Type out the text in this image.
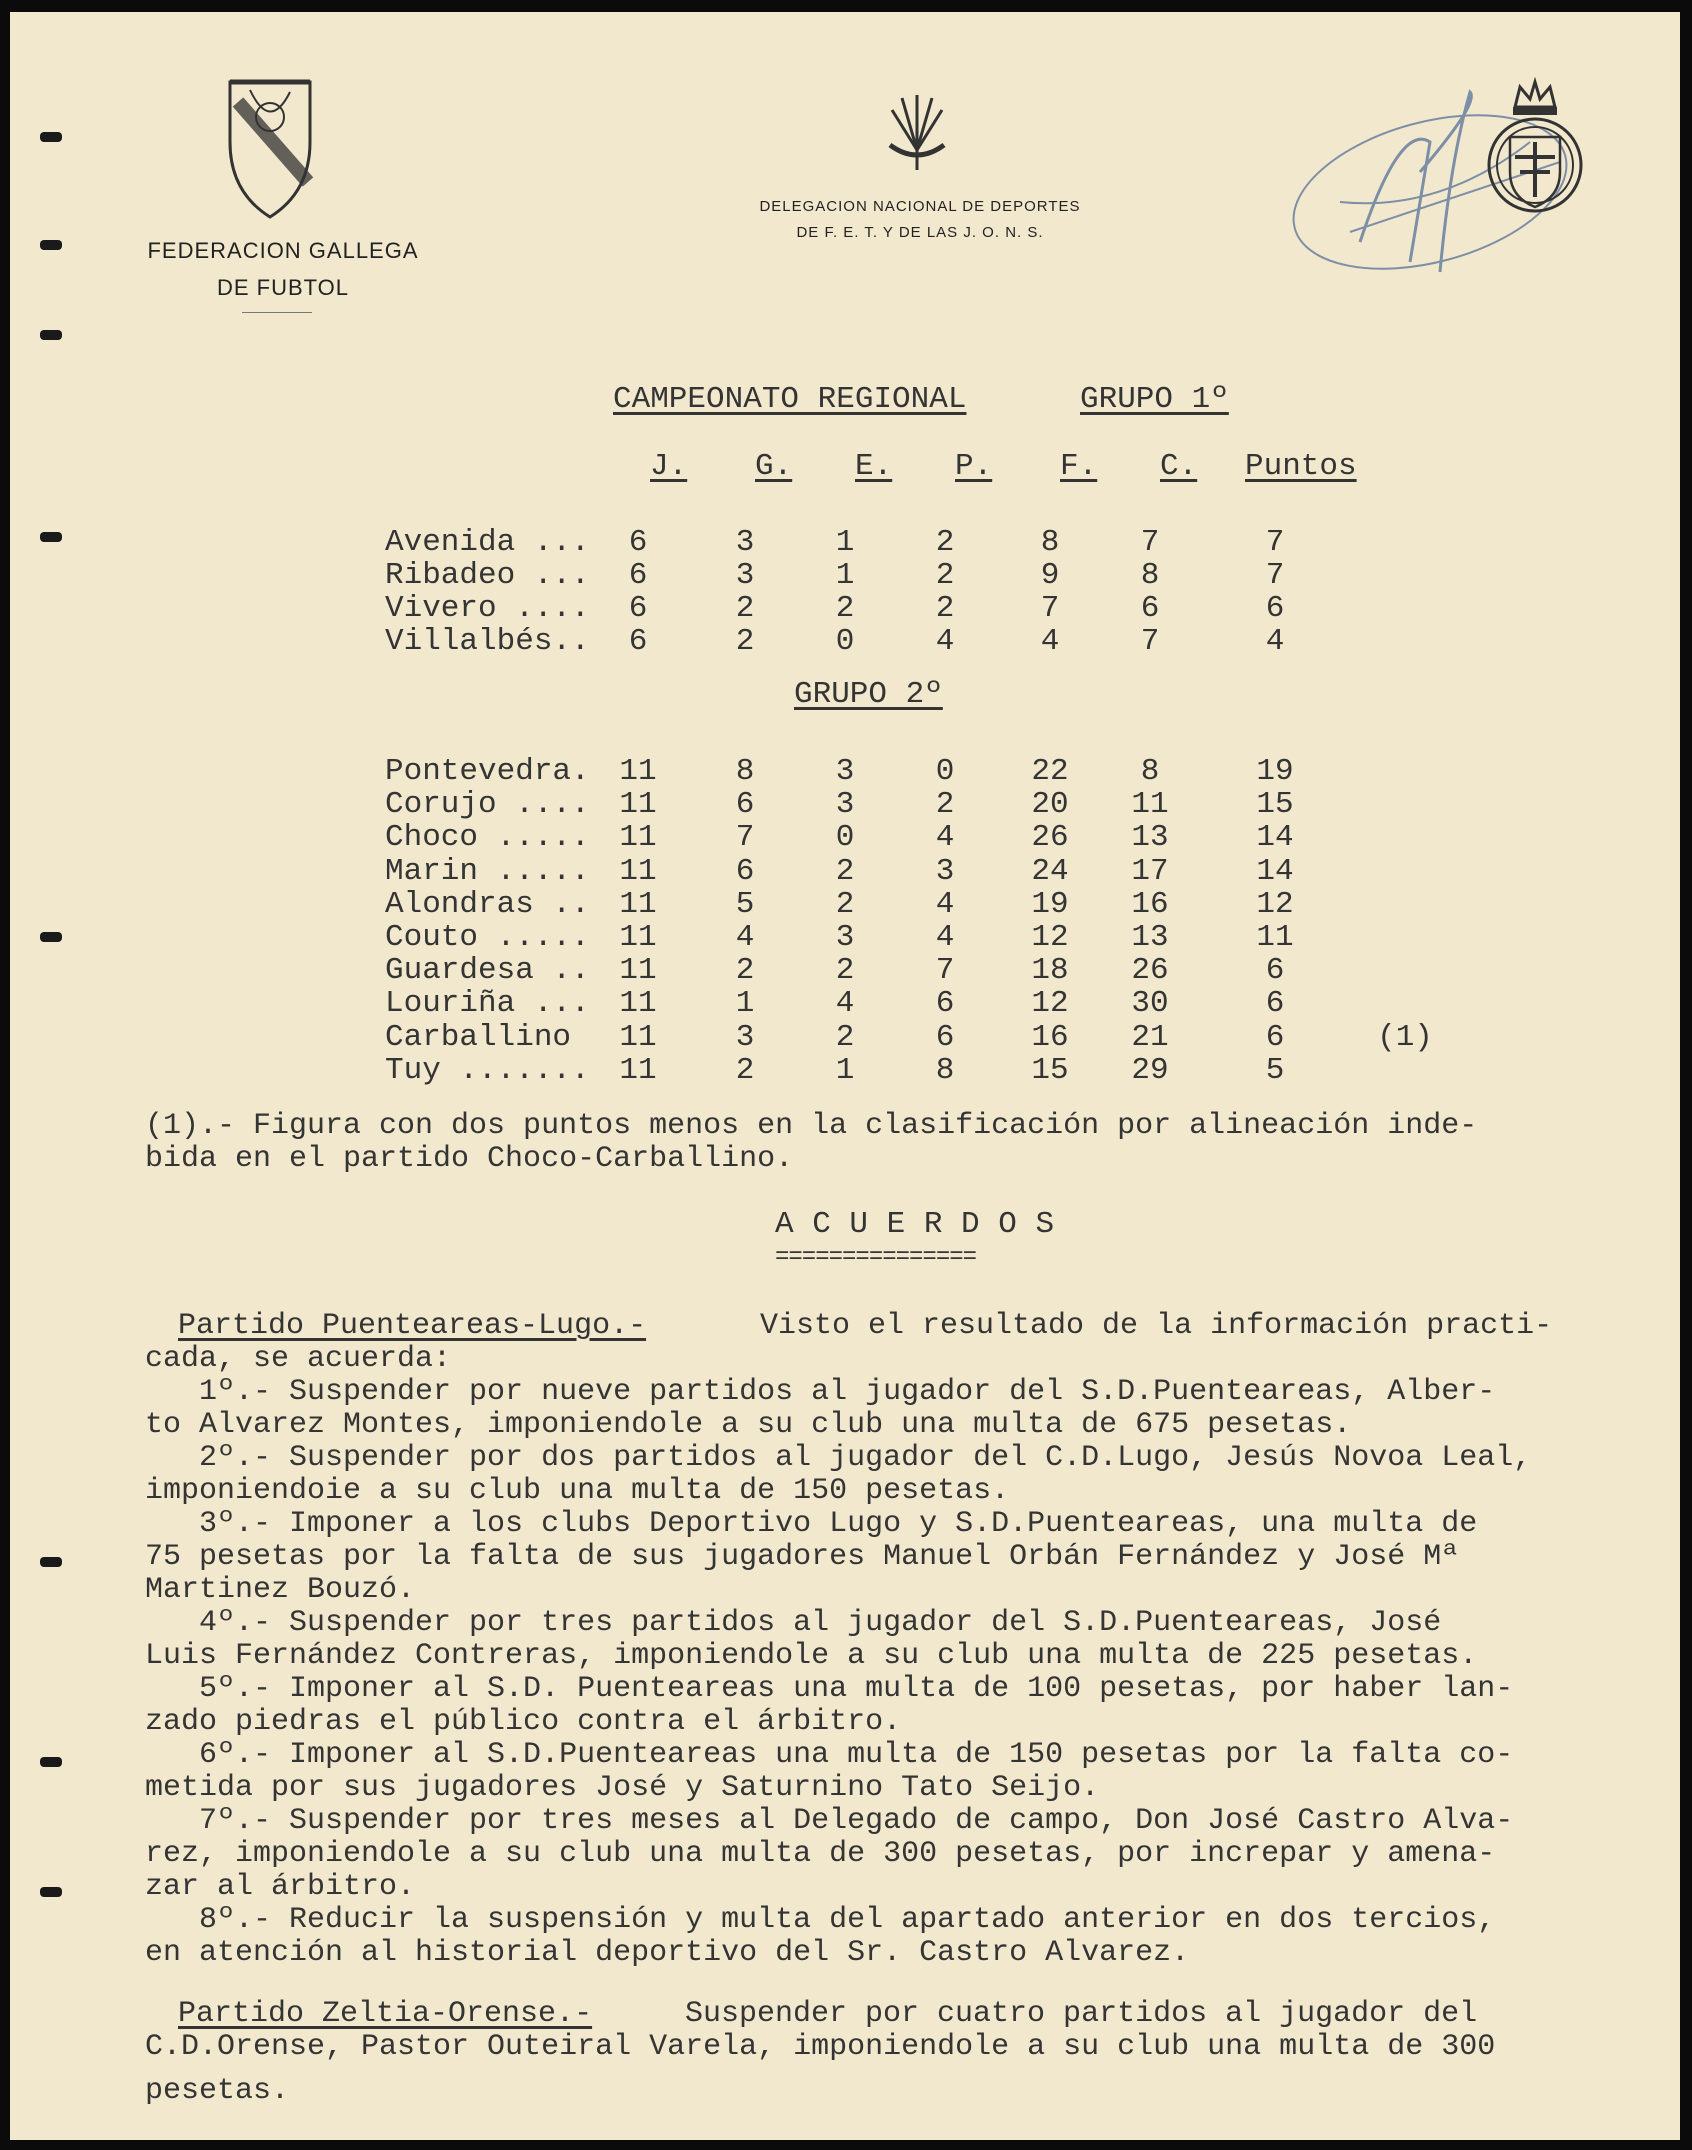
FEDERACION GALLEGA
DE FUBTOL
DELEGACION NACIONAL DE DEPORTES
DE F. E. T. Y DE LAS J. O. N. S.
CAMPEONATO REGIONAL	GRUPO 1º
J. G. E. P. F. C. Puntos
Avenida ...	6	3	1	2	8	7	7
Ribadeo ...	6	3	1	2	9	8	7
Vivero ....	6	2	2	2	7	6	6
Villalbés..	6	2	0	4	4	7	4
GRUPO 2º
Pontevedra. 11	8	3	0	22	8	19
Corujo .... 11	6	3	2	20	11	15
Choco ..... 11	7	0	4	26	13	14
Marin ..... 11	6	2	3	24	17	14
Alondras .. 11	5	2	4	19	16	12
Couto ..... 11	4	3	4	12	13	11
Guardesa .. 11	2	2	7	18	26	6
Louriña ... 11	1	4	6	12	30	6
Carballino	11	3	2	6	16	21	6	(1)
Tuy ....... 11	2	1	8	15	29	5
(1).- Figura con dos puntos menos en la clasificación por alineación inde-
bida en el partido Choco-Carballino.
A C U E R D O S
===============
Partido Puenteareas-Lugo.-	Visto el resultado de la información practi-
cada, se acuerda:
1º.- Suspender por nueve partidos al jugador del S.D.Puenteareas, Alber-
to Alvarez Montes, imponiendole a su club una multa de 675 pesetas.
2º.- Suspender por dos partidos al jugador del C.D.Lugo, Jesús Novoa Leal,
imponiendoie a su club una multa de 150 pesetas.
3º.- Imponer a los clubs Deportivo Lugo y S.D.Puenteareas, una multa de
75 pesetas por la falta de sus jugadores Manuel Orbán Fernández y José Mª
Martinez Bouzó.
4º.- Suspender por tres partidos al jugador del S.D.Puenteareas, José
Luis Fernández Contreras, imponiendole a su club una multa de 225 pesetas.
5º.- Imponer al S.D. Puenteareas una multa de 100 pesetas, por haber lan-
zado piedras el público contra el árbitro.
6º.- Imponer al S.D.Puenteareas una multa de 150 pesetas por la falta co-
metida por sus jugadores José y Saturnino Tato Seijo.
7º.- Suspender por tres meses al Delegado de campo, Don José Castro Alva-
rez, imponiendole a su club una multa de 300 pesetas, por increpar y amena-
zar al árbitro.
8º.- Reducir la suspensión y multa del apartado anterior en dos tercios,
en atención al historial deportivo del Sr. Castro Alvarez.
Partido Zeltia-Orense.-	Suspender por cuatro partidos al jugador del
C.D.Orense, Pastor Outeiral Varela, imponiendole a su club una multa de 300
pesetas.
